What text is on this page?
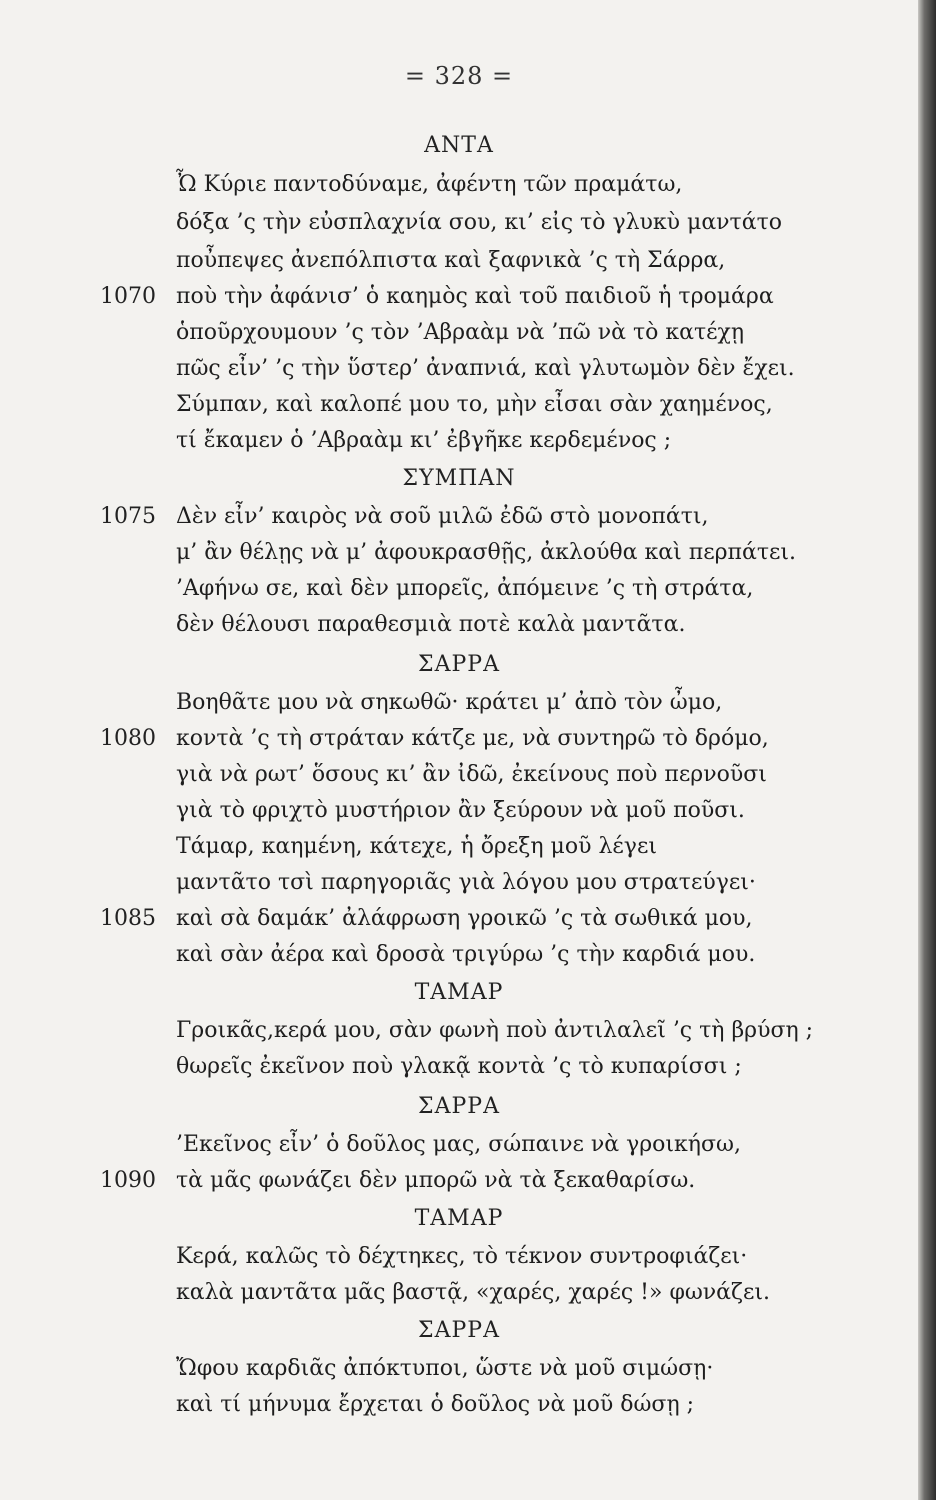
= 328 =
ΑΝΤΑ
Ὦ Κύριε παντοδύναμε, ἀφέντη τῶν πραμάτω,
δόξα ’ς τὴν εὐσπλαχνία σου, κι’ εἰς τὸ γλυκὺ μαντάτο
ποὖπεψες ἀνεπόλπιστα καὶ ξαφνικὰ ’ς τὴ Σάρρα,
1070 ποὺ τὴν ἀφάνισ’ ὁ καημὸς καὶ τοῦ παιδιοῦ ἡ τρομάρα
ὁποῦρχουμουν ’ς τὸν ’Αβραὰμ νὰ ’πῶ νὰ τὸ κατέχῃ
πῶς εἶν’ ’ς τὴν ὕστερ’ ἀναπνιά, καὶ γλυτωμὸν δὲν ἔχει.
Σύμπαν, καὶ καλοπέ μου το, μὴν εἶσαι σὰν χαημένος,
τί ἔκαμεν ὁ ’Αβραὰμ κι’ ἐβγῆκε κερδεμένος ;
ΣΥΜΠΑΝ
1075 Δὲν εἶν’ καιρὸς νὰ σοῦ μιλῶ ἐδῶ στὸ μονοπάτι,
μ’ ἂν θέλῃς νὰ μ’ ἀφουκρασθῇς, ἀκλούθα καὶ περπάτει.
’Αφήνω σε, καὶ δὲν μπορεῖς, ἀπόμεινε ’ς τὴ στράτα,
δὲν θέλουσι παραθεσμιὰ ποτὲ καλὰ μαντᾶτα.
ΣΑΡΡΑ
Βοηθᾶτε μου νὰ σηκωθῶ· κράτει μ’ ἀπὸ τὸν ὦμο,
1080 κοντὰ ’ς τὴ στράταν κάτζε με, νὰ συντηρῶ τὸ δρόμο,
γιὰ νὰ ρωτ’ ὅσους κι’ ἂν ἰδῶ, ἐκείνους ποὺ περνοῦσι
γιὰ τὸ φριχτὸ μυστήριον ἂν ξεύρουν νὰ μοῦ ποῦσι.
Τάμαρ, καημένη, κάτεχε, ἡ ὄρεξη μοῦ λέγει
μαντᾶτο τσὶ παρηγοριᾶς γιὰ λόγου μου στρατεύγει·
1085 καὶ σὰ δαμάκ’ ἀλάφρωση γροικῶ ’ς τὰ σωθικά μου,
καὶ σὰν ἀέρα καὶ δροσὰ τριγύρω ’ς τὴν καρδιά μου.
ΤΑΜΑΡ
Γροικᾶς,κερά μου, σὰν φωνὴ ποὺ ἀντιλαλεῖ ’ς τὴ βρύση ;
θωρεῖς ἐκεῖνον ποὺ γλακᾷ κοντὰ ’ς τὸ κυπαρίσσι ;
ΣΑΡΡΑ
’Εκεῖνος εἶν’ ὁ δοῦλος μας, σώπαινε νὰ γροικήσω,
1090 τὰ μᾶς φωνάζει δὲν μπορῶ νὰ τὰ ξεκαθαρίσω.
ΤΑΜΑΡ
Κερά, καλῶς τὸ δέχτηκες, τὸ τέκνον συντροφιάζει·
καλὰ μαντᾶτα μᾶς βαστᾷ, «χαρές, χαρές !» φωνάζει.
ΣΑΡΡΑ
Ὤφου καρδιᾶς ἀπόκτυποι, ὥστε νὰ μοῦ σιμώσῃ·
καὶ τί μήνυμα ἔρχεται ὁ δοῦλος νὰ μοῦ δώσῃ ;
